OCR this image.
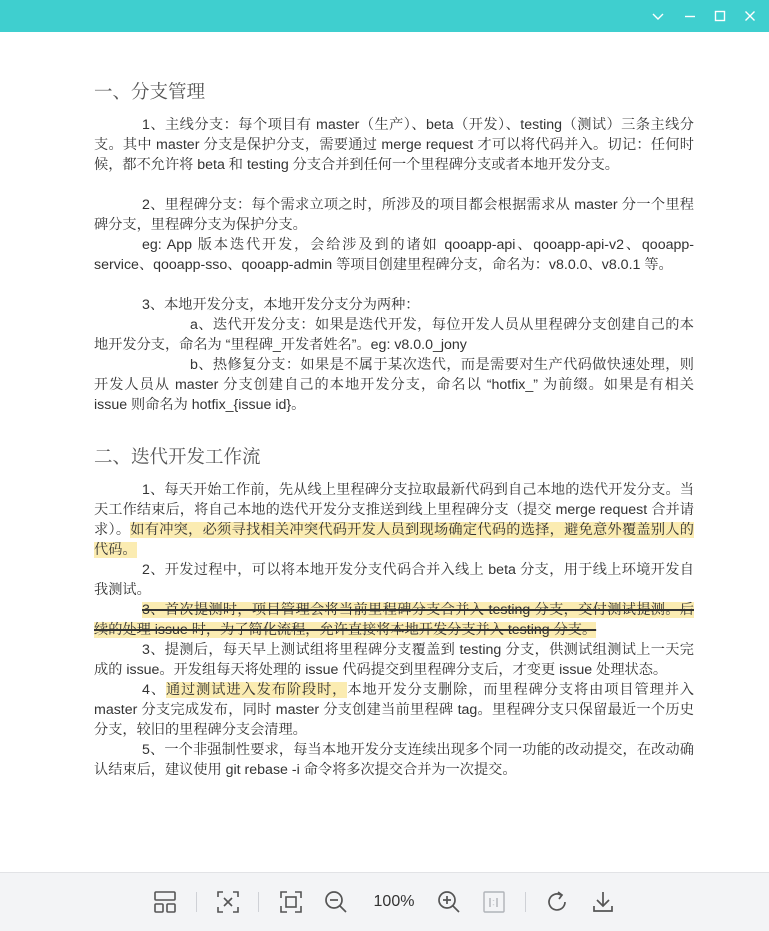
一、分支管理

1、主线分支：每个项目有 master（生产）、beta（开发）、testing（测试）三条主线分支。其中 master 分支是保护分支，需要通过 merge request 才可以将代码并入。切记：任何时候，都不允许将 beta 和 testing 分支合并到任何一个里程碑分支或者本地开发分支。

2、里程碑分支：每个需求立项之时，所涉及的项目都会根据需求从 master 分一个里程碑分支，里程碑分支为保护分支。

eg: App 版本迭代开发，会给涉及到的诸如 qooapp-api、qooapp-api-v2、qooapp-service、qooapp-sso、qooapp-admin 等项目创建里程碑分支，命名为：v8.0.0、v8.0.1 等。

3、本地开发分支，本地开发分支分为两种：

a、迭代开发分支：如果是迭代开发，每位开发人员从里程碑分支创建自己的本地开发分支，命名为 “里程碑_开发者姓名”。eg: v8.0.0_jony

b、热修复分支：如果是不属于某次迭代，而是需要对生产代码做快速处理，则开发人员从 master 分支创建自己的本地开发分支，命名以 “hotfix_” 为前缀。如果是有相关 issue 则命名为 hotfix_{issue id}。

二、迭代开发工作流

1、每天开始工作前，先从线上里程碑分支拉取最新代码到自己本地的迭代开发分支。当天工作结束后，将自己本地的迭代开发分支推送到线上里程碑分支（提交 merge request 合并请求）。如有冲突，必须寻找相关冲突代码开发人员到现场确定代码的选择，避免意外覆盖别人的代码。

2、开发过程中，可以将本地开发分支代码合并入线上 beta 分支，用于线上环境开发自我测试。

3、首次提测时，项目管理会将当前里程碑分支合并入 testing 分支，交付测试提测。后续的处理 issue 时，为了简化流程，允许直接将本地开发分支并入 testing 分支。

3、提测后，每天早上测试组将里程碑分支覆盖到 testing 分支，供测试组测试上一天完成的 issue。开发组每天将处理的 issue 代码提交到里程碑分支后，才变更 issue 处理状态。

4、通过测试进入发布阶段时，本地开发分支删除，而里程碑分支将由项目管理并入 master 分支完成发布，同时 master 分支创建当前里程碑 tag。里程碑分支只保留最近一个历史分支，较旧的里程碑分支会清理。

5、一个非强制性要求，每当本地开发分支连续出现多个同一功能的改动提交，在改动确认结束后，建议使用 git rebase -i 命令将多次提交合并为一次提交。

100%
